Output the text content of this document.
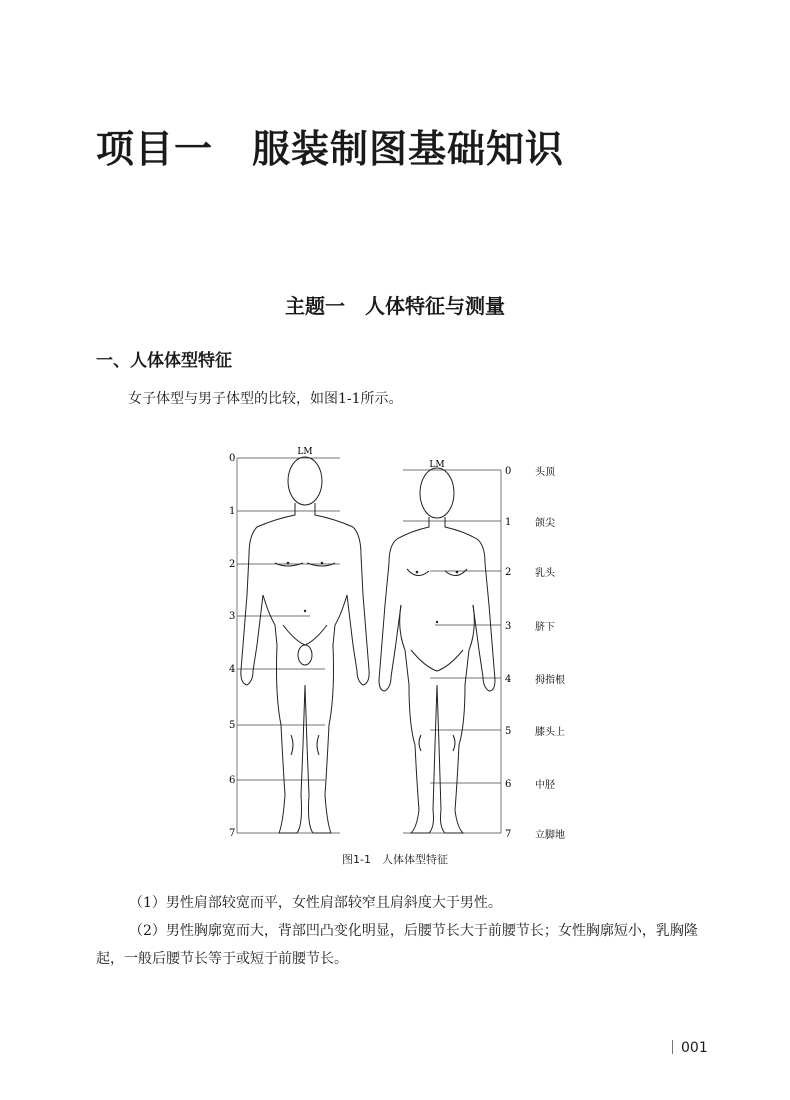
项目一　服装制图基础知识
主题一　人体特征与测量
一、人体体型特征
女子体型与男子体型的比较，如图1-1所示。
LM
LM
0
1
2
3
4
5
6
7
0
1
2
3
4
5
6
7
头顶
颌尖
乳头
脐下
拇指根
膝头上
中胫
立脚地
图1-1　人体体型特征
（1）男性肩部较宽而平，女性肩部较窄且肩斜度大于男性。
（2）男性胸廓宽而大，背部凹凸变化明显，后腰节长大于前腰节长；女性胸廓短小，乳胸隆起，一般后腰节长等于或短于前腰节长。
001
